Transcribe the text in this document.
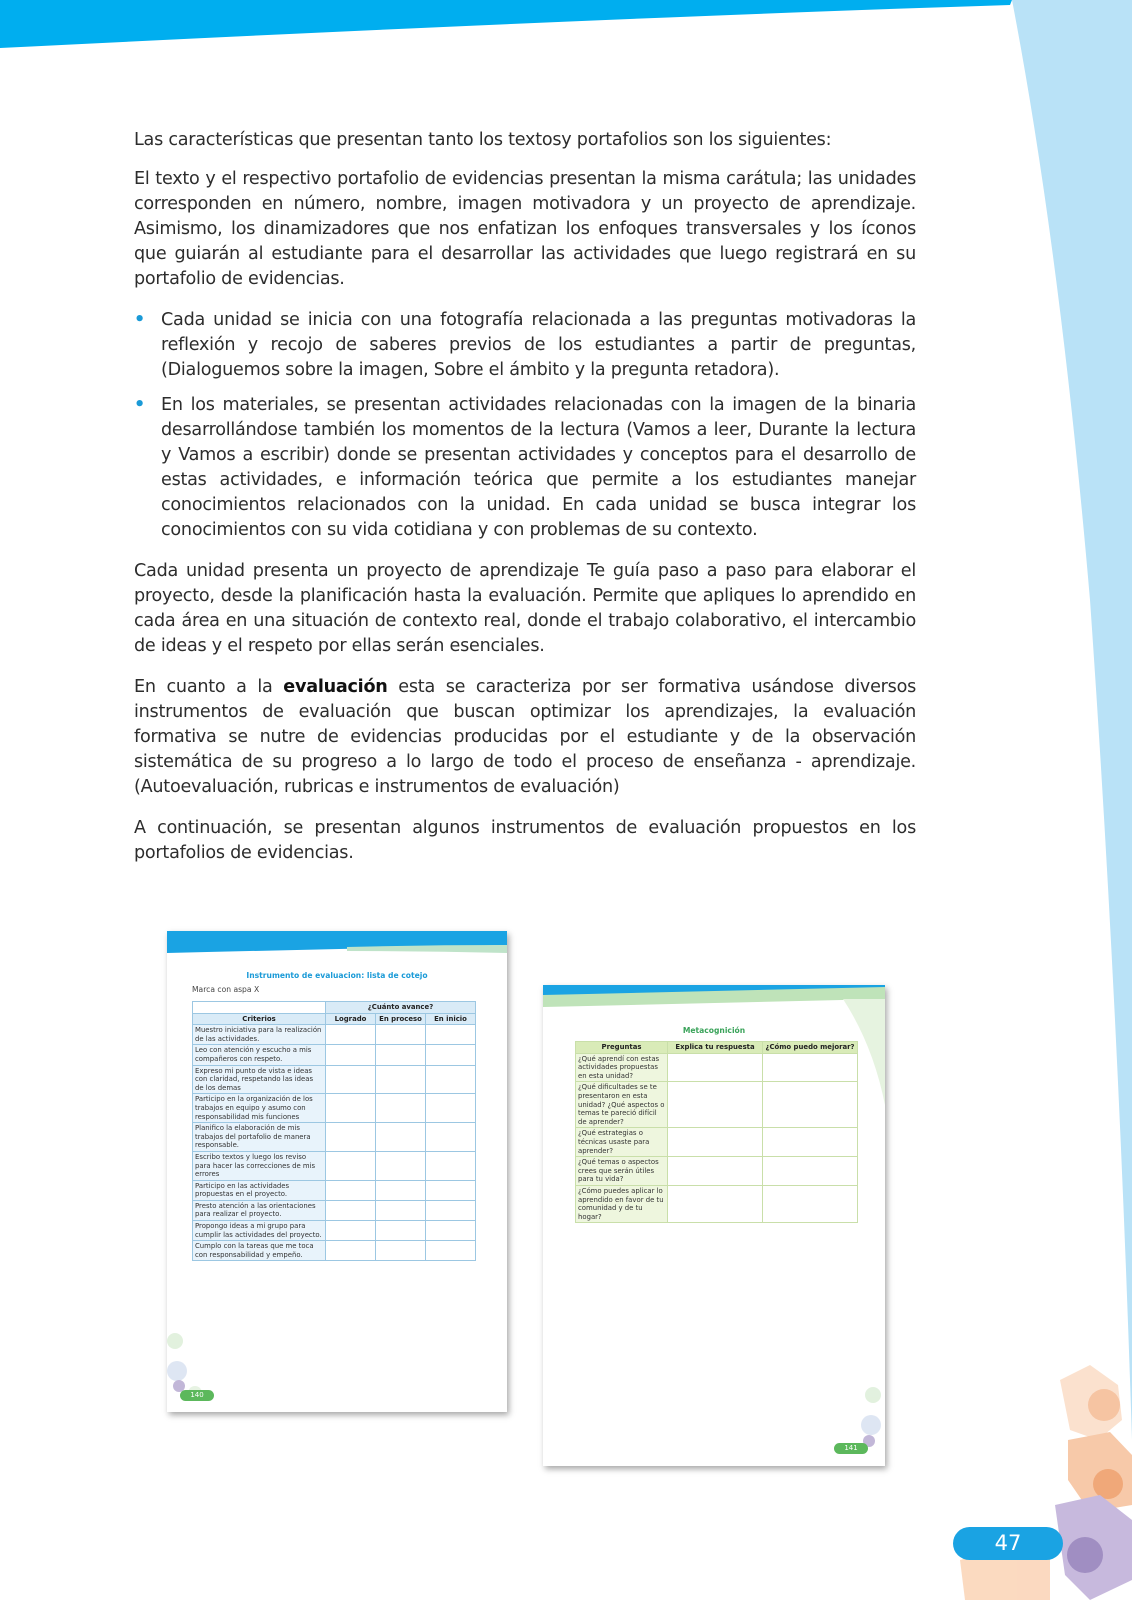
Las características que presentan tanto los textosy portafolios son los siguientes:

El texto y el respectivo portafolio de evidencias presentan la misma carátula; las unidades corresponden en número, nombre, imagen motivadora y un proyecto de aprendizaje. Asimismo, los dinamizadores que nos enfatizan los enfoques transversales y los íconos que guiarán al estudiante para el desarrollar las actividades que luego registrará en su portafolio de evidencias.

• Cada unidad se inicia con una fotografía relacionada a las preguntas motivadoras la reflexión y recojo de saberes previos de los estudiantes a partir de preguntas, (Dialoguemos sobre la imagen, Sobre el ámbito y la pregunta retadora).
• En los materiales, se presentan actividades relacionadas con la imagen de la binaria desarrollándose también los momentos de la lectura (Vamos a leer, Durante la lectura y Vamos a escribir) donde se presentan actividades y conceptos para el desarrollo de estas actividades, e información teórica que permite a los estudiantes manejar conocimientos relacionados con la unidad. En cada unidad se busca integrar los conocimientos con su vida cotidiana y con problemas de su contexto.

Cada unidad presenta un proyecto de aprendizaje Te guía paso a paso para elaborar el proyecto, desde la planificación hasta la evaluación. Permite que apliques lo aprendido en cada área en una situación de contexto real, donde el trabajo colaborativo, el intercambio de ideas y el respeto por ellas serán esenciales.

En cuanto a la evaluación esta se caracteriza por ser formativa usándose diversos instrumentos de evaluación que buscan optimizar los aprendizajes, la evaluación formativa se nutre de evidencias producidas por el estudiante y de la observación sistemática de su progreso a lo largo de todo el proceso de enseñanza - aprendizaje. (Autoevaluación, rubricas e instrumentos de evaluación)

A continuación, se presentan algunos instrumentos de evaluación propuestos en los portafolios de evidencias.

Instrumento de evaluacion: lista de cotejo
Marca con aspa X
	¿Cuánto avance?		
Criterios	Logrado	En proceso	En inicio
Muestro iniciativa para la realización de las actividades.			
Leo con atención y escucho a mis compañeros con respeto.			
Expreso mi punto de vista e ideas con claridad, respetando las ideas de los demas			
Participo en la organización de los trabajos en equipo y asumo con responsabilidad mis funciones			
Planifico la elaboración de mis trabajos del portafolio de manera responsable.			
Escribo textos y luego los reviso para hacer las correcciones de mis errores			
Participo en las actividades propuestas en el proyecto.			
Presto atención a las orientaciones para realizar el proyecto.			
Propongo ideas a mi grupo para cumplir las actividades del proyecto.			
Cumplo con la tareas que me toca con responsabilidad y empeño.			
140
Metacognición
Preguntas	Explica tu respuesta	¿Cómo puedo mejorar?
¿Qué aprendí con estas actividades propuestas en esta unidad?		
¿Qué dificultades se te presentaron en esta unidad? ¿Qué aspectos o temas te pareció difícil de aprender?		
¿Qué estrategias o técnicas usaste para aprender?		
¿Qué temas o aspectos crees que serán útiles para tu vida?		
¿Cómo puedes aplicar lo aprendido en favor de tu comunidad y de tu hogar?		
141
47
